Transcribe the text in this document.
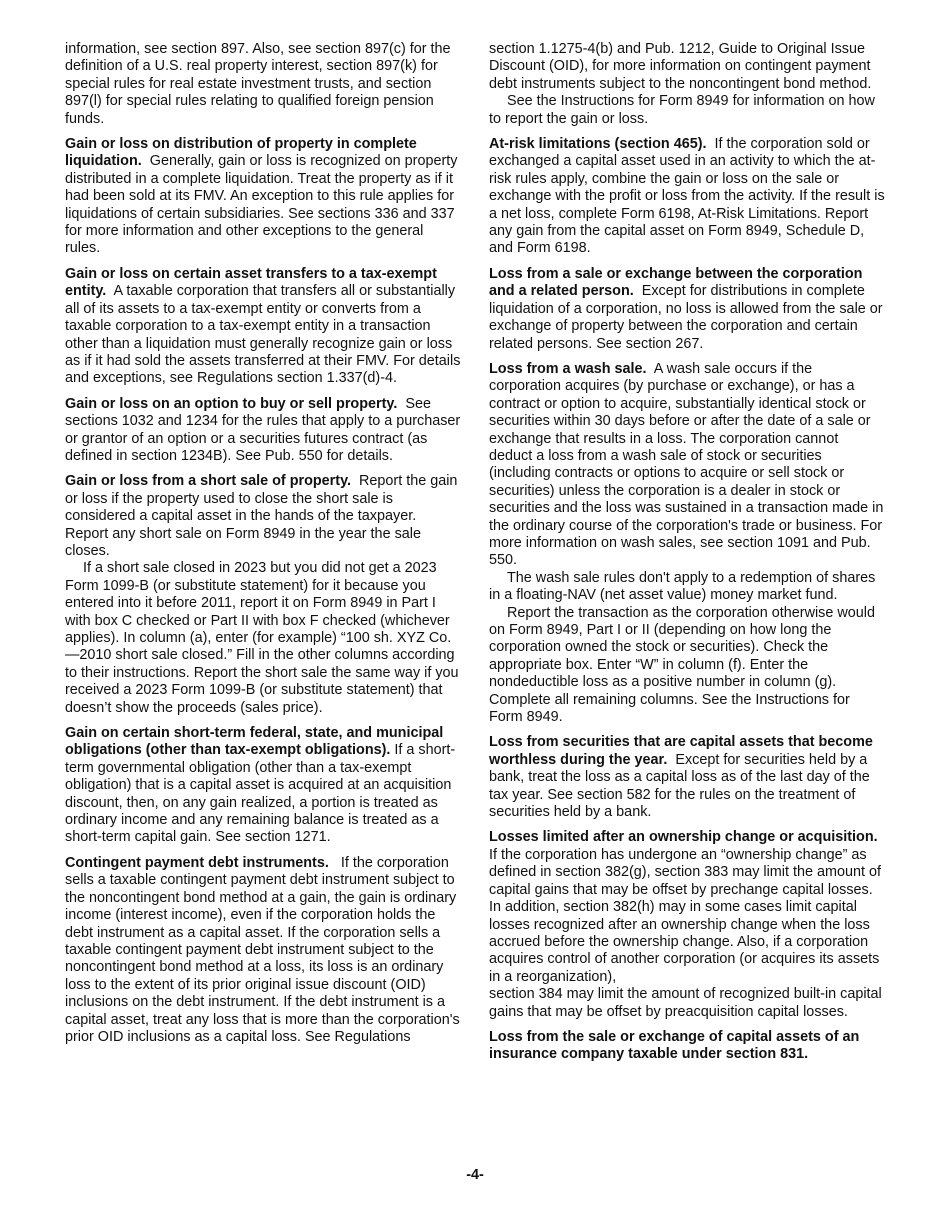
information, see section 897. Also, see section 897(c) for the definition of a U.S. real property interest, section 897(k) for special rules for real estate investment trusts, and section 897(l) for special rules relating to qualified foreign pension funds.

Gain or loss on distribution of property in complete liquidation. Generally, gain or loss is recognized on property distributed in a complete liquidation. Treat the property as if it had been sold at its FMV. An exception to this rule applies for liquidations of certain subsidiaries. See sections 336 and 337 for more information and other exceptions to the general rules.

Gain or loss on certain asset transfers to a tax-exempt entity. A taxable corporation that transfers all or substantially all of its assets to a tax-exempt entity or converts from a taxable corporation to a tax-exempt entity in a transaction other than a liquidation must generally recognize gain or loss as if it had sold the assets transferred at their FMV. For details and exceptions, see Regulations section 1.337(d)-4.

Gain or loss on an option to buy or sell property. See sections 1032 and 1234 for the rules that apply to a purchaser or grantor of an option or a securities futures contract (as defined in section 1234B). See Pub. 550 for details.

Gain or loss from a short sale of property. Report the gain or loss if the property used to close the short sale is considered a capital asset in the hands of the taxpayer. Report any short sale on Form 8949 in the year the sale closes.

If a short sale closed in 2023 but you did not get a 2023 Form 1099-B (or substitute statement) for it because you entered into it before 2011, report it on Form 8949 in Part I with box C checked or Part II with box F checked (whichever applies). In column (a), enter (for example) “100 sh. XYZ Co. —2010 short sale closed.” Fill in the other columns according to their instructions. Report the short sale the same way if you received a 2023 Form 1099-B (or substitute statement) that doesn’t show the proceeds (sales price).

Gain on certain short-term federal, state, and municipal obligations (other than tax-exempt obligations). If a short-term governmental obligation (other than a tax-exempt obligation) that is a capital asset is acquired at an acquisition discount, then, on any gain realized, a portion is treated as ordinary income and any remaining balance is treated as a short-term capital gain. See section 1271.

Contingent payment debt instruments. If the corporation sells a taxable contingent payment debt instrument subject to the noncontingent bond method at a gain, the gain is ordinary income (interest income), even if the corporation holds the debt instrument as a capital asset. If the corporation sells a taxable contingent payment debt instrument subject to the noncontingent bond method at a loss, its loss is an ordinary loss to the extent of its prior original issue discount (OID) inclusions on the debt instrument. If the debt instrument is a capital asset, treat any loss that is more than the corporation's prior OID inclusions as a capital loss. See Regulations

section 1.1275-4(b) and Pub. 1212, Guide to Original Issue Discount (OID), for more information on contingent payment debt instruments subject to the noncontingent bond method.

See the Instructions for Form 8949 for information on how to report the gain or loss.

At-risk limitations (section 465). If the corporation sold or exchanged a capital asset used in an activity to which the at-risk rules apply, combine the gain or loss on the sale or exchange with the profit or loss from the activity. If the result is a net loss, complete Form 6198, At-Risk Limitations. Report any gain from the capital asset on Form 8949, Schedule D, and Form 6198.

Loss from a sale or exchange between the corporation and a related person. Except for distributions in complete liquidation of a corporation, no loss is allowed from the sale or exchange of property between the corporation and certain related persons. See section 267.

Loss from a wash sale. A wash sale occurs if the corporation acquires (by purchase or exchange), or has a contract or option to acquire, substantially identical stock or securities within 30 days before or after the date of a sale or exchange that results in a loss. The corporation cannot deduct a loss from a wash sale of stock or securities (including contracts or options to acquire or sell stock or securities) unless the corporation is a dealer in stock or securities and the loss was sustained in a transaction made in the ordinary course of the corporation's trade or business. For more information on wash sales, see section 1091 and Pub. 550.

The wash sale rules don't apply to a redemption of shares in a floating-NAV (net asset value) money market fund.

Report the transaction as the corporation otherwise would on Form 8949, Part I or II (depending on how long the corporation owned the stock or securities). Check the appropriate box. Enter “W” in column (f). Enter the nondeductible loss as a positive number in column (g). Complete all remaining columns. See the Instructions for Form 8949.

Loss from securities that are capital assets that become worthless during the year. Except for securities held by a bank, treat the loss as a capital loss as of the last day of the tax year. See section 582 for the rules on the treatment of securities held by a bank.

Losses limited after an ownership change or acquisition.  If the corporation has undergone an “ownership change” as defined in section 382(g), section 383 may limit the amount of capital gains that may be offset by prechange capital losses. In addition, section 382(h) may in some cases limit capital losses recognized after an ownership change when the loss accrued before the ownership change. Also, if a corporation acquires control of another corporation (or acquires its assets in a reorganization),

section 384 may limit the amount of recognized built-in capital gains that may be offset by preacquisition capital losses.

Loss from the sale or exchange of capital assets of an insurance company taxable under section 831.

-4-
